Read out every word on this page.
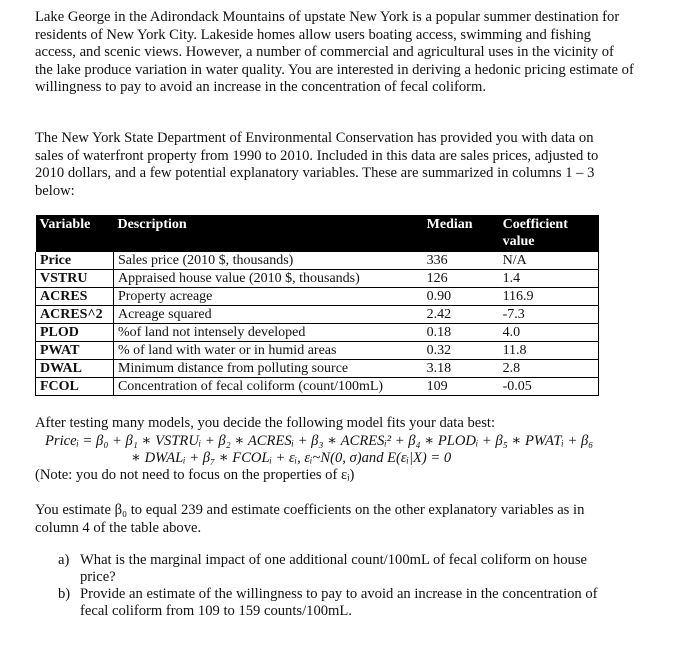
Lake George in the Adirondack Mountains of upstate New York is a popular summer destination for residents of New York City. Lakeside homes allow users boating access, swimming and fishing access, and scenic views. However, a number of commercial and agricultural uses in the vicinity of the lake produce variation in water quality. You are interested in deriving a hedonic pricing estimate of willingness to pay to avoid an increase in the concentration of fecal coliform.
The New York State Department of Environmental Conservation has provided you with data on sales of waterfront property from 1990 to 2010. Included in this data are sales prices, adjusted to 2010 dollars, and a few potential explanatory variables. These are summarized in columns 1 – 3 below:
Variable	Description	Median	Coefficient value
Price	Sales price (2010 $, thousands)	336	N/A
VSTRU	Appraised house value (2010 $, thousands)	126	1.4
ACRES	Property acreage	0.90	116.9
ACRES^2	Acreage squared	2.42	-7.3
PLOD	%of land not intensely developed	0.18	4.0
PWAT	% of land with water or in humid areas	0.32	11.8
DWAL	Minimum distance from polluting source	3.18	2.8
FCOL	Concentration of fecal coliform (count/100mL)	109	-0.05
After testing many models, you decide the following model fits your data best:
Priceᵢ = β₀ + β₁ ∗ VSTRUᵢ + β₂ ∗ ACRESᵢ + β₃ ∗ ACRESᵢ² + β₄ ∗ PLODᵢ + β₅ ∗ PWATᵢ + β₆
∗ DWALᵢ + β₇ ∗ FCOLᵢ + εᵢ, εᵢ~N(0, σ)and E(εᵢ|X) = 0
(Note: you do not need to focus on the properties of εᵢ)
You estimate β₀ to equal 239 and estimate coefficients on the other explanatory variables as in column 4 of the table above.
a) What is the marginal impact of one additional count/100mL of fecal coliform on house price?
b) Provide an estimate of the willingness to pay to avoid an increase in the concentration of fecal coliform from 109 to 159 counts/100mL.
